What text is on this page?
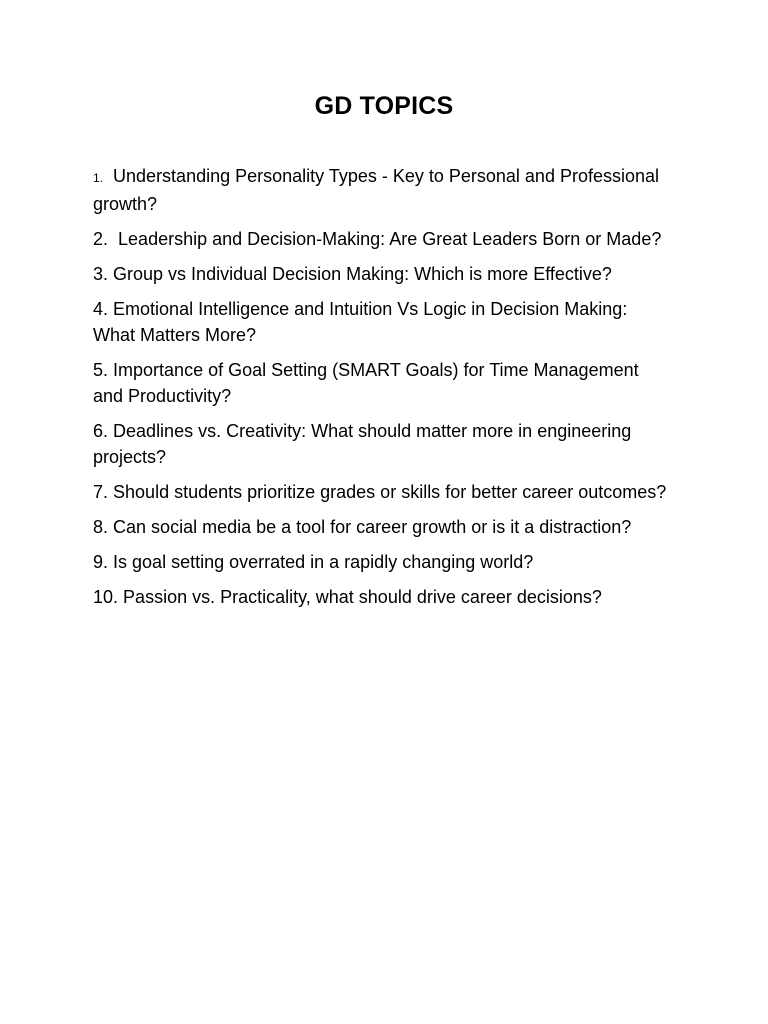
GD TOPICS
1. Understanding Personality Types - Key to Personal and Professional growth?
2. Leadership and Decision-Making: Are Great Leaders Born or Made?
3. Group vs Individual Decision Making: Which is more Effective?
4. Emotional Intelligence and Intuition Vs Logic in Decision Making: What Matters More?
5. Importance of Goal Setting (SMART Goals) for Time Management and Productivity?
6. Deadlines vs. Creativity: What should matter more in engineering projects?
7. Should students prioritize grades or skills for better career outcomes?
8. Can social media be a tool for career growth or is it a distraction?
9. Is goal setting overrated in a rapidly changing world?
10. Passion vs. Practicality, what should drive career decisions?
